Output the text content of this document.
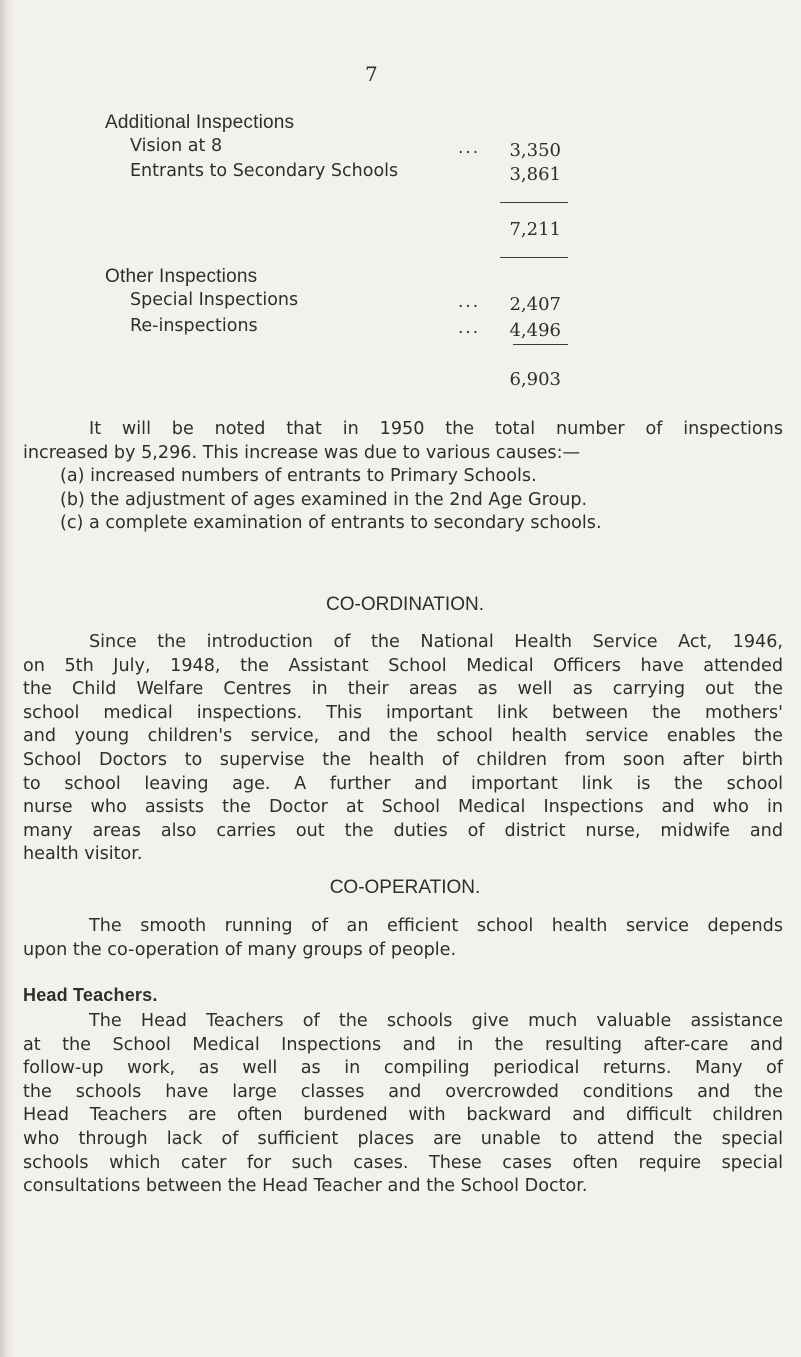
7
Additional Inspections
Vision at 8	...	3,350
Entrants to Secondary Schools	3,861
7,211
Other Inspections
Special Inspections	...	2,407
Re-inspections	...	4,496
6,903
It will be noted that in 1950 the total number of inspections
increased by 5,296. This increase was due to various causes:—
(a) increased numbers of entrants to Primary Schools.
(b) the adjustment of ages examined in the 2nd Age Group.
(c) a complete examination of entrants to secondary schools.
CO-ORDINATION.
Since the introduction of the National Health Service Act, 1946,
on 5th July, 1948, the Assistant School Medical Officers have attended
the Child Welfare Centres in their areas as well as carrying out the
school medical inspections. This important link between the mothers'
and young children's service, and the school health service enables the
School Doctors to supervise the health of children from soon after birth
to school leaving age. A further and important link is the school
nurse who assists the Doctor at School Medical Inspections and who in
many areas also carries out the duties of district nurse, midwife and
health visitor.
CO-OPERATION.
The smooth running of an efficient school health service depends
upon the co-operation of many groups of people.
Head Teachers.
The Head Teachers of the schools give much valuable assistance
at the School Medical Inspections and in the resulting after-care and
follow-up work, as well as in compiling periodical returns. Many of
the schools have large classes and overcrowded conditions and the
Head Teachers are often burdened with backward and difficult children
who through lack of sufficient places are unable to attend the special
schools which cater for such cases. These cases often require special
consultations between the Head Teacher and the School Doctor.
